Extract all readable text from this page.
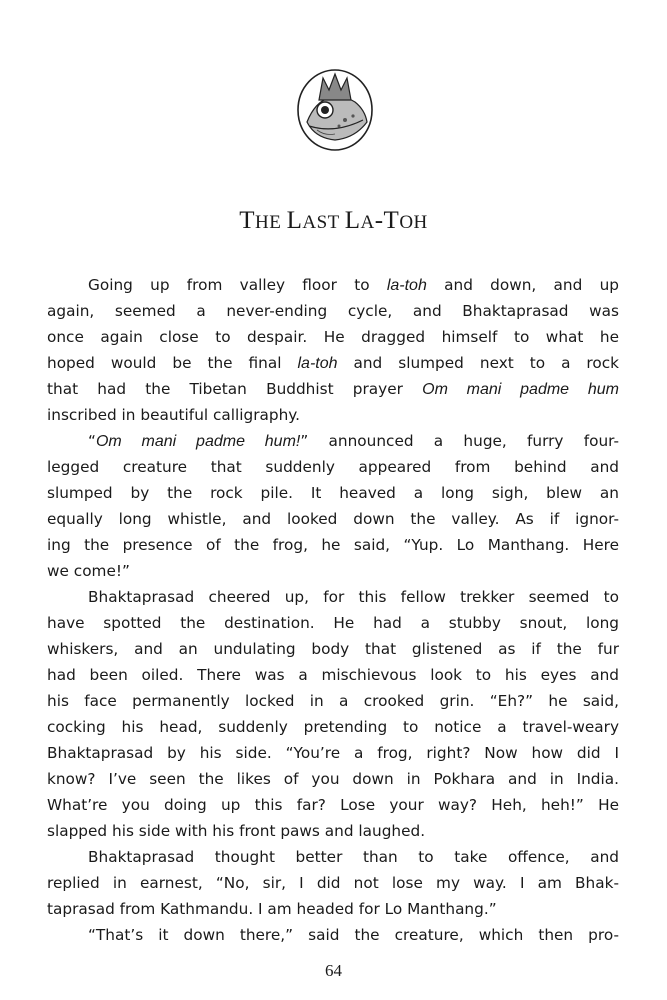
THE LAST LA-TOH
Going up from valley floor to la-toh and down, and up
again, seemed a never-ending cycle, and Bhaktaprasad was
once again close to despair. He dragged himself to what he
hoped would be the final la-toh and slumped next to a rock
that had the Tibetan Buddhist prayer Om mani padme hum
inscribed in beautiful calligraphy.
“Om mani padme hum!” announced a huge, furry four-
legged creature that suddenly appeared from behind and
slumped by the rock pile. It heaved a long sigh, blew an
equally long whistle, and looked down the valley. As if ignor-
ing the presence of the frog, he said, “Yup. Lo Manthang. Here
we come!”
Bhaktaprasad cheered up, for this fellow trekker seemed to
have spotted the destination. He had a stubby snout, long
whiskers, and an undulating body that glistened as if the fur
had been oiled. There was a mischievous look to his eyes and
his face permanently locked in a crooked grin. “Eh?” he said,
cocking his head, suddenly pretending to notice a travel-weary
Bhaktaprasad by his side. “You’re a frog, right? Now how did I
know? I’ve seen the likes of you down in Pokhara and in India.
What’re you doing up this far? Lose your way? Heh, heh!” He
slapped his side with his front paws and laughed.
Bhaktaprasad thought better than to take offence, and
replied in earnest, “No, sir, I did not lose my way. I am Bhak-
taprasad from Kathmandu. I am headed for Lo Manthang.”
“That’s it down there,” said the creature, which then pro-
64
